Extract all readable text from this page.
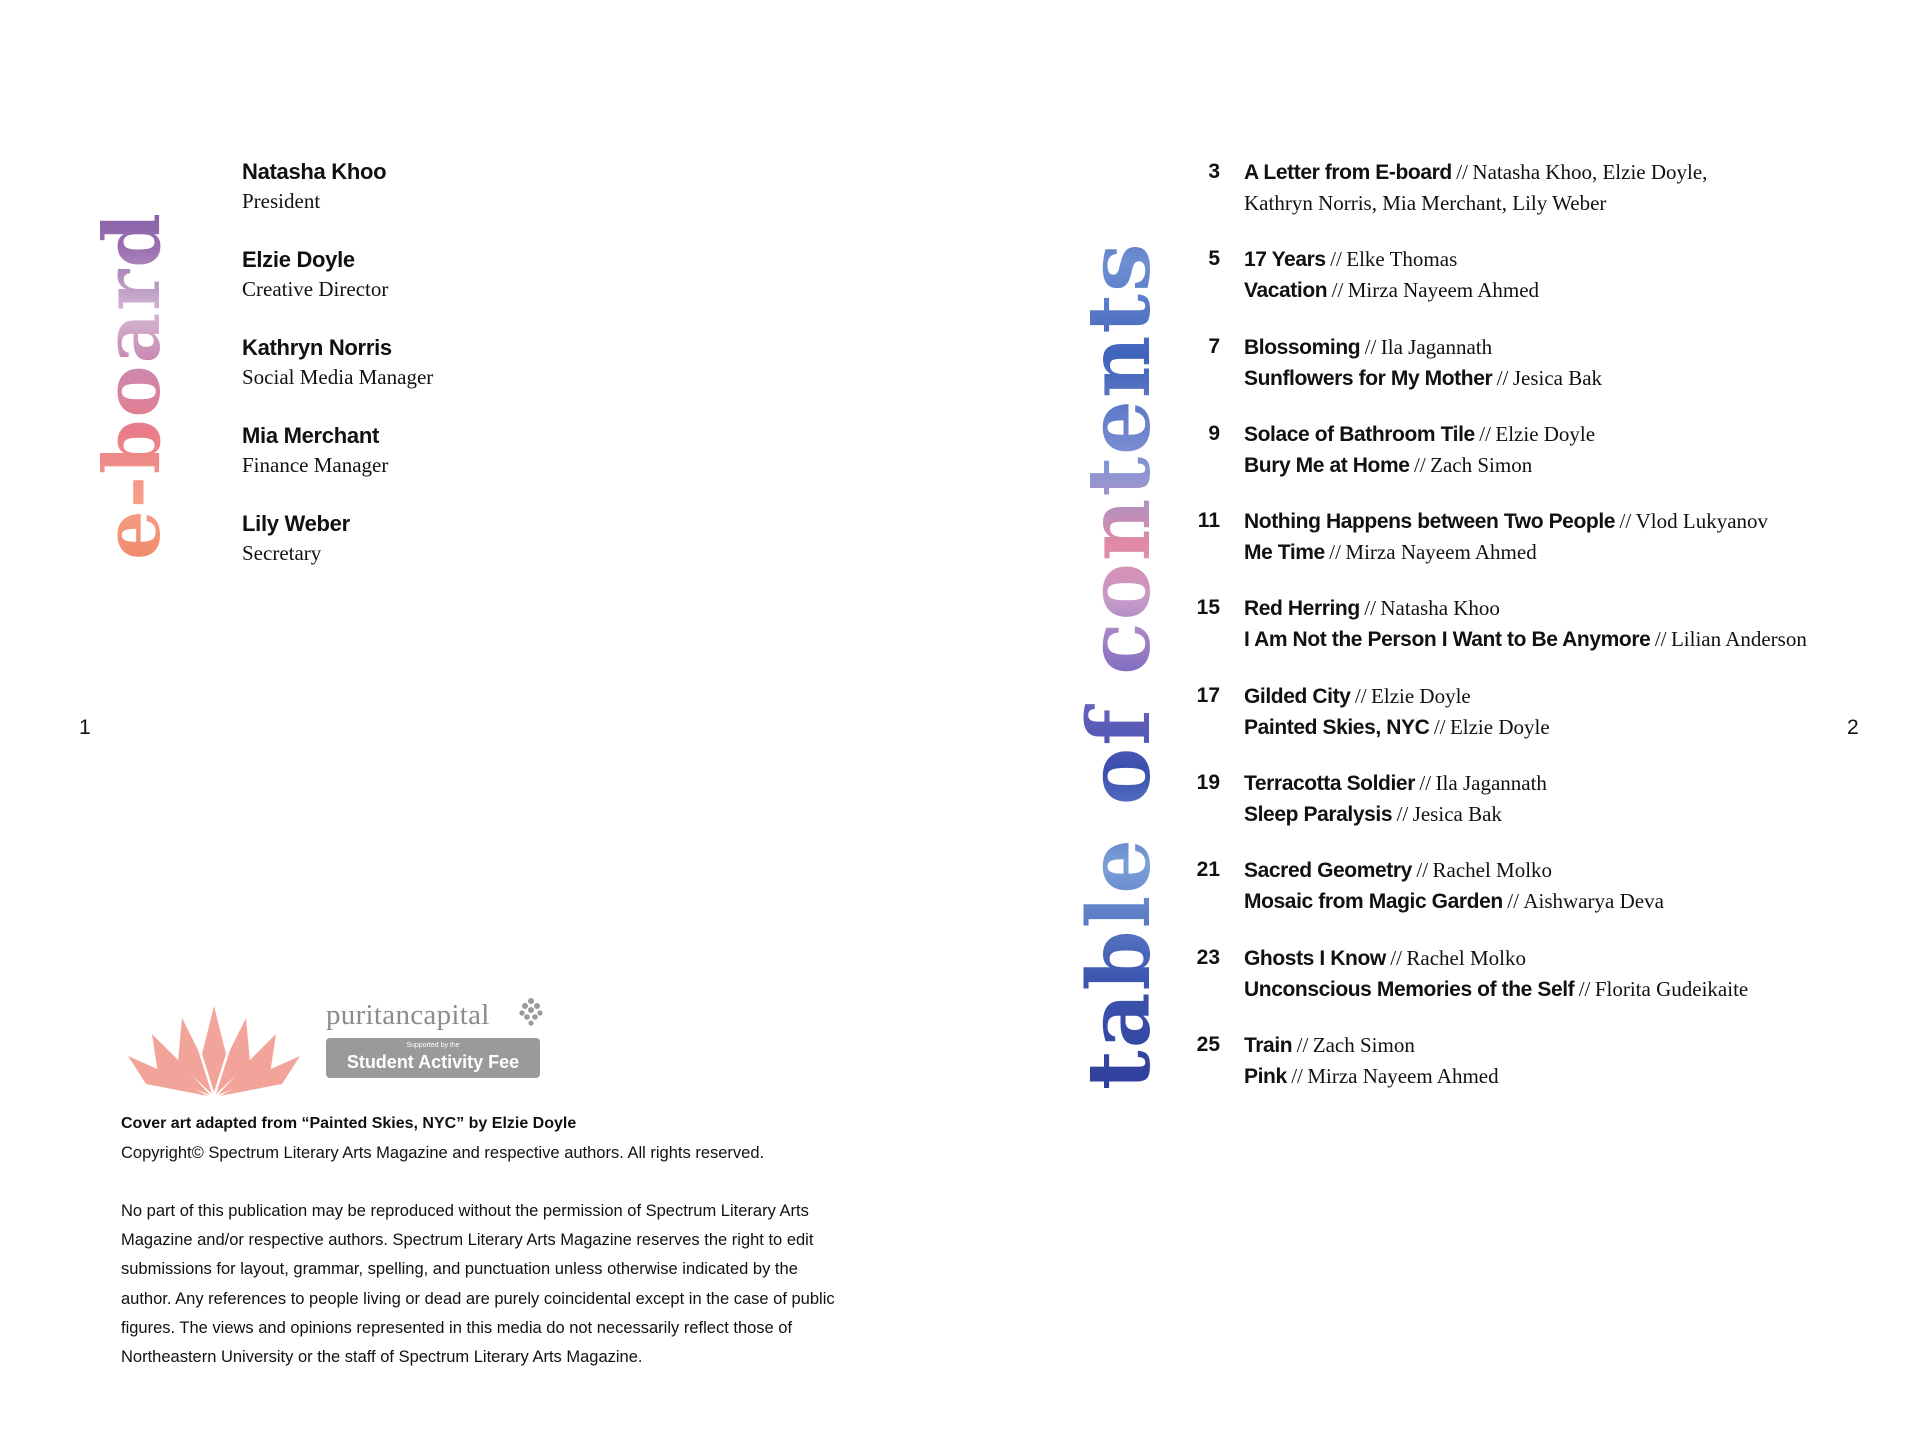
e-board
Natasha Khoo
President
Elzie Doyle
Creative Director
Kathryn Norris
Social Media Manager
Mia Merchant
Finance Manager
Lily Weber
Secretary
1
puritancapital
Supported by the
Student Activity Fee
Cover art adapted from “Painted Skies, NYC” by Elzie Doyle
Copyright© Spectrum Literary Arts Magazine and respective authors. All rights reserved.
No part of this publication may be reproduced without the permission of Spectrum Literary Arts Magazine and/or respective authors. Spectrum Literary Arts Magazine reserves the right to edit submissions for layout, grammar, spelling, and punctuation unless otherwise indicated by the author. Any references to people living or dead are purely coincidental except in the case of public figures. The views and opinions represented in this media do not necessarily reflect those of Northeastern University or the staff of Spectrum Literary Arts Magazine.
2
table of contents
3 A Letter from E-board // Natasha Khoo, Elzie Doyle,
Kathryn Norris, Mia Merchant, Lily Weber
5 17 Years // Elke Thomas
Vacation // Mirza Nayeem Ahmed
7 Blossoming // Ila Jagannath
Sunflowers for My Mother // Jesica Bak
9 Solace of Bathroom Tile // Elzie Doyle
Bury Me at Home // Zach Simon
11 Nothing Happens between Two People // Vlod Lukyanov
Me Time // Mirza Nayeem Ahmed
15 Red Herring // Natasha Khoo
I Am Not the Person I Want to Be Anymore // Lilian Anderson
17 Gilded City // Elzie Doyle
Painted Skies, NYC // Elzie Doyle
19 Terracotta Soldier // Ila Jagannath
Sleep Paralysis // Jesica Bak
21 Sacred Geometry // Rachel Molko
Mosaic from Magic Garden // Aishwarya Deva
23 Ghosts I Know // Rachel Molko
Unconscious Memories of the Self // Florita Gudeikaite
25 Train // Zach Simon
Pink // Mirza Nayeem Ahmed
